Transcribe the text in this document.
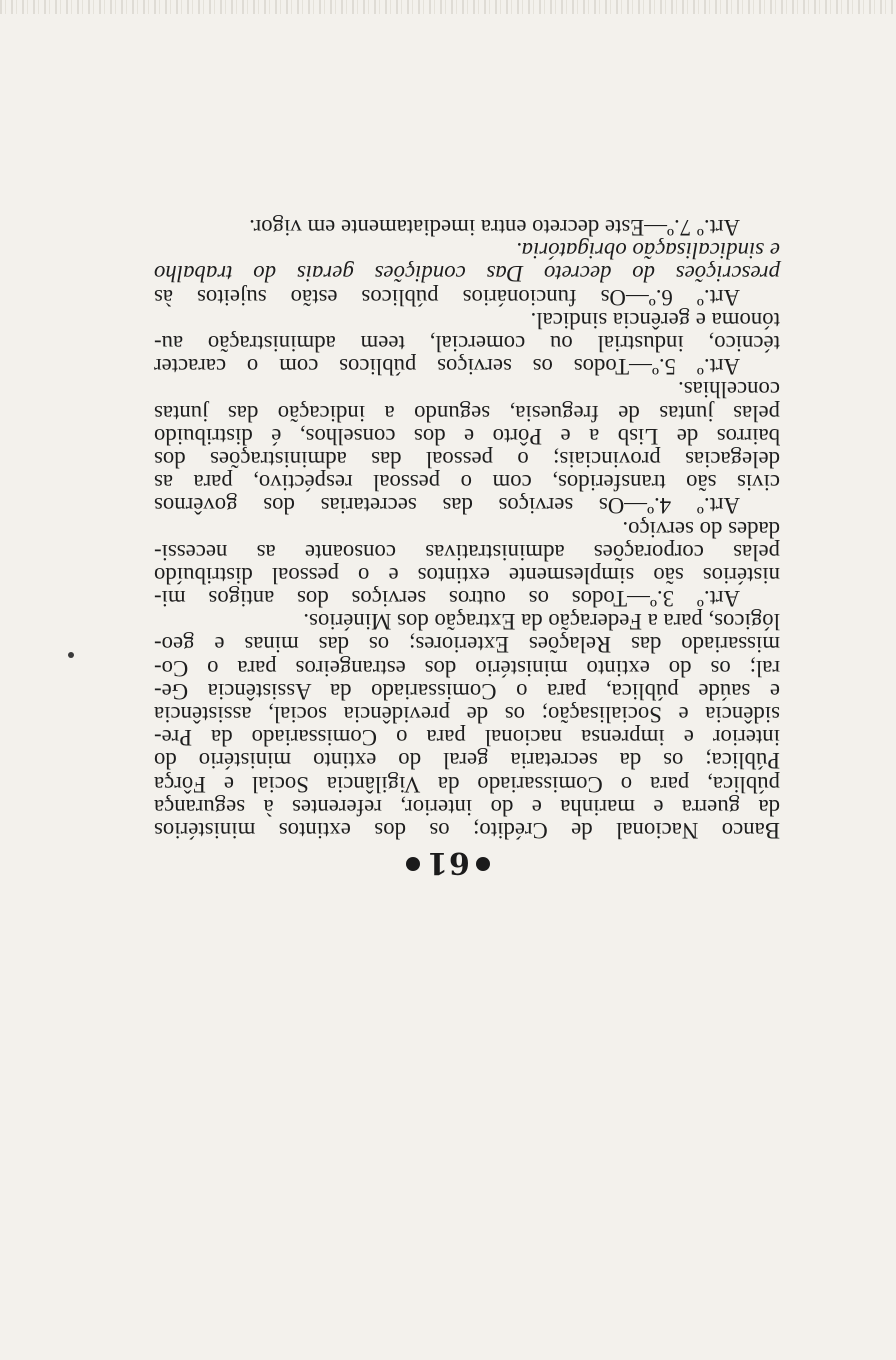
61
Banco Nacional de Crédito; os dos extintos ministérios
da guerra e marinha e do interior, referentes à segurança
pública, para o Comissariado da Vigilância Social e Fôrça
Pública; os da secretaria geral do extinto ministério do
interior e imprensa nacional para o Comissariado da Pre-
sidência e Socialisação; os de previdência social, assistência
e saúde pública, para o Comissariado da Assistência Ge-
ral; os do extinto ministério dos estrangeiros para o Co-
missariado das Relações Exteriores; os das minas e geo-
lógicos, para a Federação da Extração dos Minérios.
Art.º 3.º—Todos os outros serviços dos antigos mi-
nistérios são simplesmente extintos e o pessoal distribuído
pelas corporações administrativas consoante as necessi-
dades do serviço.
Art.º 4.º—Os serviços das secretarias dos govêrnos
civis são transferidos, com o pessoal respéctivo, para as
delegacias provinciais; o pessoal das administrações dos
bairros de Lisb a e Pôrto e dos conselhos, é distribuido
pelas juntas de freguesia, segundo a indicação das juntas
concelhias.
Art.º 5.º—Todos os serviços públicos com o caracter
técnico, industrial ou comercial, teem administração au-
tónoma e gerência sindical.
Art.º 6.º—Os funcionários públicos estão sujeitos às
prescrições do decreto Das condições gerais do trabalho
e sindicalisação obrigatória.
Art.º 7.º—Este decreto entra imediatamente em vigor.
